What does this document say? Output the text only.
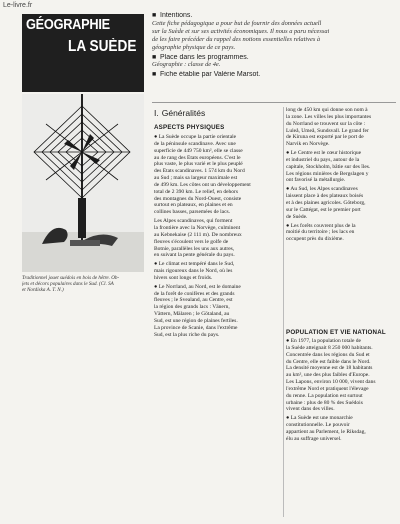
Le-livre.fr
GÉOGRAPHIE
LA SUÈDE
■ Intentions.
Cette fiche pédagogique a pour but de fournir des données actuell
sur la Suède et sur ses activités économiques. Il nous a paru nécessai
de les faire précéder du rappel des notions essentielles relatives à
géographie physique de ce pays.
■ Place dans les programmes.
Géographie : classe de 4e.
■ Fiche établie par Valérie Marsot.
Traditionnel jouet suédois en bois de hêtre. Ob-
jets et décors populaires dans le Sud. (Cl. SA
et Nordiska A. T. N.)
I. Généralités
ASPECTS PHYSIQUES
● La Suède occupe la partie orientale
de la péninsule scandinave. Avec une
superficie de 449 750 km², elle se classe
au 4e rang des États européens. C'est le
plus vaste, le plus varié et le plus peuplé
des États scandinaves. 1 574 km du Nord
au Sud ; mais sa largeur maximale est
de 499 km. Les côtes ont un développement
total de 2 390 km. Le relief, en dehors
des montagnes du Nord-Ouest, consiste
surtout en plateaux, en plaines et en
collines basses, parsemées de lacs.
Les Alpes scandinaves, qui forment
la frontière avec la Norvège, culminent
au Kebnekaise (2 111 m). De nombreux
fleuves s'écoulent vers le golfe de
Botnie, parallèles les uns aux autres,
en suivant la pente générale du pays.
● Le climat est tempéré dans le Sud,
mais rigoureux dans le Nord, où les
hivers sont longs et froids.
● Le Norrland, au Nord, est le domaine
de la forêt de conifères et des grands
fleuves ; le Svealand, au Centre, est
la région des grands lacs : Vänern,
Vättern, Mälaren ; le Götaland, au
Sud, est une région de plaines fertiles.
La province de Scanie, dans l'extrême
Sud, est la plus riche du pays.
long de 450 km qui donne son nom à
la zone. Les villes les plus importantes
du Norrland se trouvent sur la côte :
Luleå, Umeå, Sundsvall. Le grand fer
de Kiruna est exporté par le port de
Narvik en Norvège.
● Le Centre est le cœur historique
et industriel du pays, autour de la
capitale, Stockholm, bâtie sur des îles.
Les régions minières de Bergslagen y
ont favorisé la métallurgie.
● Au Sud, les Alpes scandinaves
laissent place à des plateaux boisés
et à des plaines agricoles. Göteborg,
sur le Cattégat, est le premier port
de Suède.
● Les forêts couvrent plus de la
moitié du territoire ; les lacs en
occupent près du dixième.
POPULATION ET VIE NATIONAL
● En 1977, la population totale de
la Suède atteignait 8 250 000 habitants.
Concentrée dans les régions du Sud et
du Centre, elle est faible dans le Nord.
La densité moyenne est de 18 habitants
au km², une des plus faibles d'Europe.
Les Lapons, environ 10 000, vivent dans
l'extrême Nord et pratiquent l'élevage
du renne. La population est surtout
urbaine : plus de 80 % des Suédois
vivent dans des villes.
● La Suède est une monarchie
constitutionnelle. Le pouvoir
appartient au Parlement, le Riksdag,
élu au suffrage universel.
